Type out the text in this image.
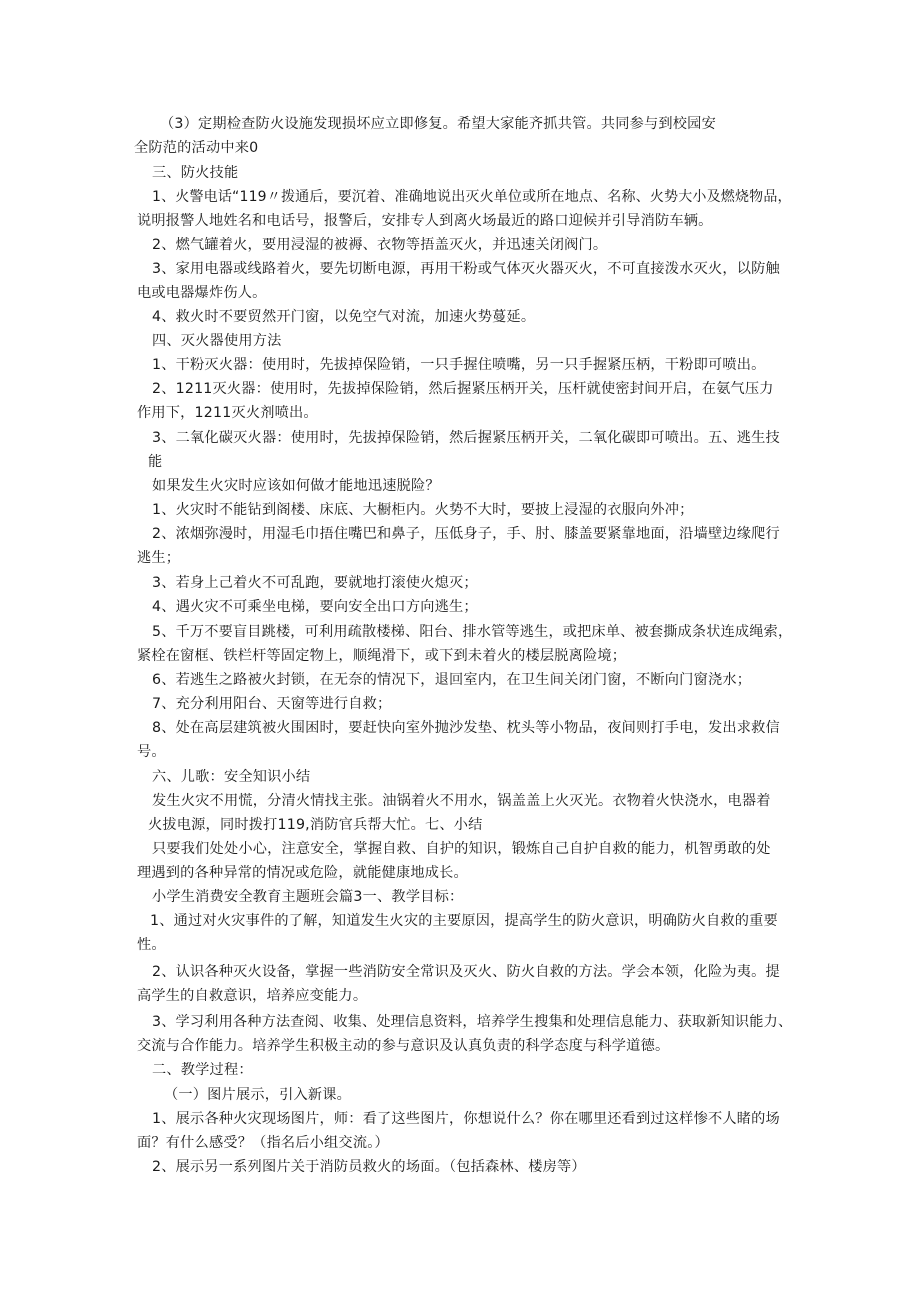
（3）定期检查防火设施发现损坏应立即修复。希望大家能齐抓共管。共同参与到校园安
全防范的活动中来0
三、防火技能
1、火警电话“119〃拨通后，要沉着、准确地说出灭火单位或所在地点、名称、火势大小及燃烧物品，
说明报警人地姓名和电话号，报警后，安排专人到离火场最近的路口迎候并引导消防车辆。
2、燃气罐着火，要用浸湿的被褥、衣物等捂盖灭火，并迅速关闭阀门。
3、家用电器或线路着火，要先切断电源，再用干粉或气体灭火器灭火，不可直接泼水灭火，以防触
电或电器爆炸伤人。
4、救火时不要贸然开门窗，以免空气对流，加速火势蔓延。
四、灭火器使用方法
1、干粉灭火器：使用时，先拔掉保险销，一只手握住喷嘴，另一只手握紧压柄，干粉即可喷出。
2、1211灭火器：使用时，先拔掉保险销，然后握紧压柄开关，压杆就使密封间开启，在氨气压力
作用下，1211灭火剂喷出。
3、二氧化碳灭火器：使用时，先拔掉保险销，然后握紧压柄开关，二氧化碳即可喷出。五、逃生技
能
如果发生火灾时应该如何做才能地迅速脱险？
1、火灾时不能钻到阁楼、床底、大橱柜内。火势不大时，要披上浸湿的衣服向外冲；
2、浓烟弥漫时，用湿毛巾捂住嘴巴和鼻子，压低身子，手、肘、膝盖要紧靠地面，沿墙壁边缘爬行
逃生；
3、若身上己着火不可乱跑，要就地打滚使火熄灭；
4、遇火灾不可乘坐电梯，要向安全出口方向逃生；
5、千万不要盲目跳楼，可利用疏散楼梯、阳台、排水管等逃生，或把床单、被套撕成条状连成绳索，
紧栓在窗框、铁栏杆等固定物上，顺绳滑下，或下到未着火的楼层脱离险境；
6、若逃生之路被火封锁，在无奈的情况下，退回室内，在卫生间关闭门窗，不断向门窗浇水；
7、充分利用阳台、天窗等进行自救；
8、处在高层建筑被火围困时，要赶快向室外抛沙发垫、枕头等小物品，夜间则打手电，发出求救信
号。
六、儿歌：安全知识小结
发生火灾不用慌，分清火情找主张。油锅着火不用水，锅盖盖上火灭光。衣物着火快浇水，电器着
火拔电源，同时拨打119,消防官兵帮大忙。七、小结
只要我们处处小心，注意安全，掌握自救、自护的知识，锻炼自己自护自救的能力，机智勇敢的处
理遇到的各种异常的情况或危险，就能健康地成长。
小学生消费安全教育主题班会篇3一、教学目标：
1、通过对火灾事件的了解，知道发生火灾的主要原因，提高学生的防火意识，明确防火自救的重要
性。
2、认识各种灭火设备，掌握一些消防安全常识及灭火、防火自救的方法。学会本领，化险为夷。提
高学生的自救意识，培养应变能力。
3、学习利用各种方法查阅、收集、处理信息资料，培养学生搜集和处理信息能力、获取新知识能力、
交流与合作能力。培养学生积极主动的参与意识及认真负责的科学态度与科学道德。
二、教学过程：
（一）图片展示，引入新课。
1、展示各种火灾现场图片，师：看了这些图片，你想说什么？你在哪里还看到过这样惨不人睹的场
面？有什么感受？（指名后小组交流。）
2、展示另一系列图片关于消防员救火的场面。（包括森林、楼房等）
